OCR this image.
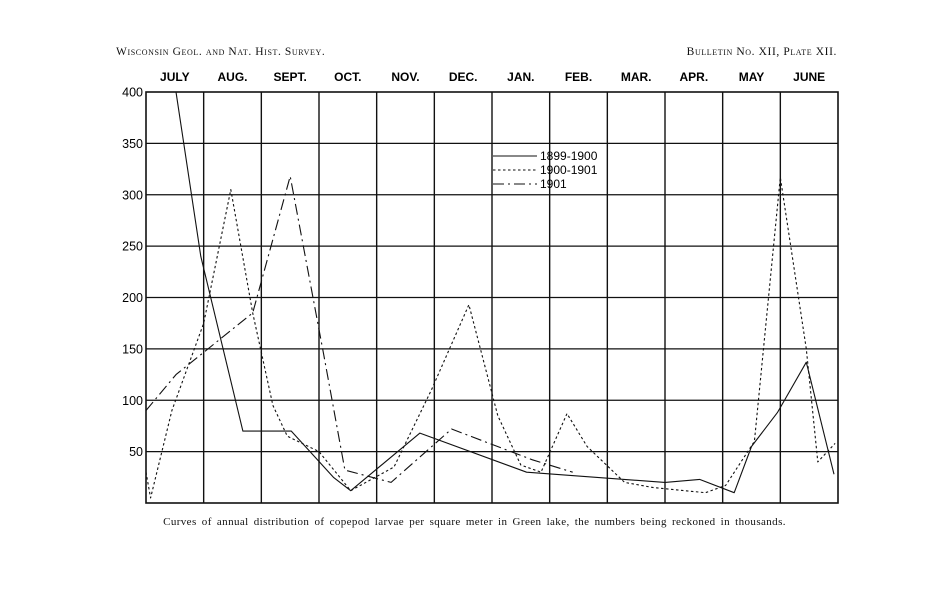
Wisconsin Geol. and Nat. Hist. Survey.	Bulletin No. XII, Plate XII.
JULY AUG. SEPT. OCT. NOV. DEC. JAN.	FEB. MAR. APR.	MAY JUNE
50
100
150
200
250
300
350
400
1899-1900
1900-1901
1901
Curves of annual distribution of copepod larvae per square meter in Green lake, the numbers being reckoned in thousands.
